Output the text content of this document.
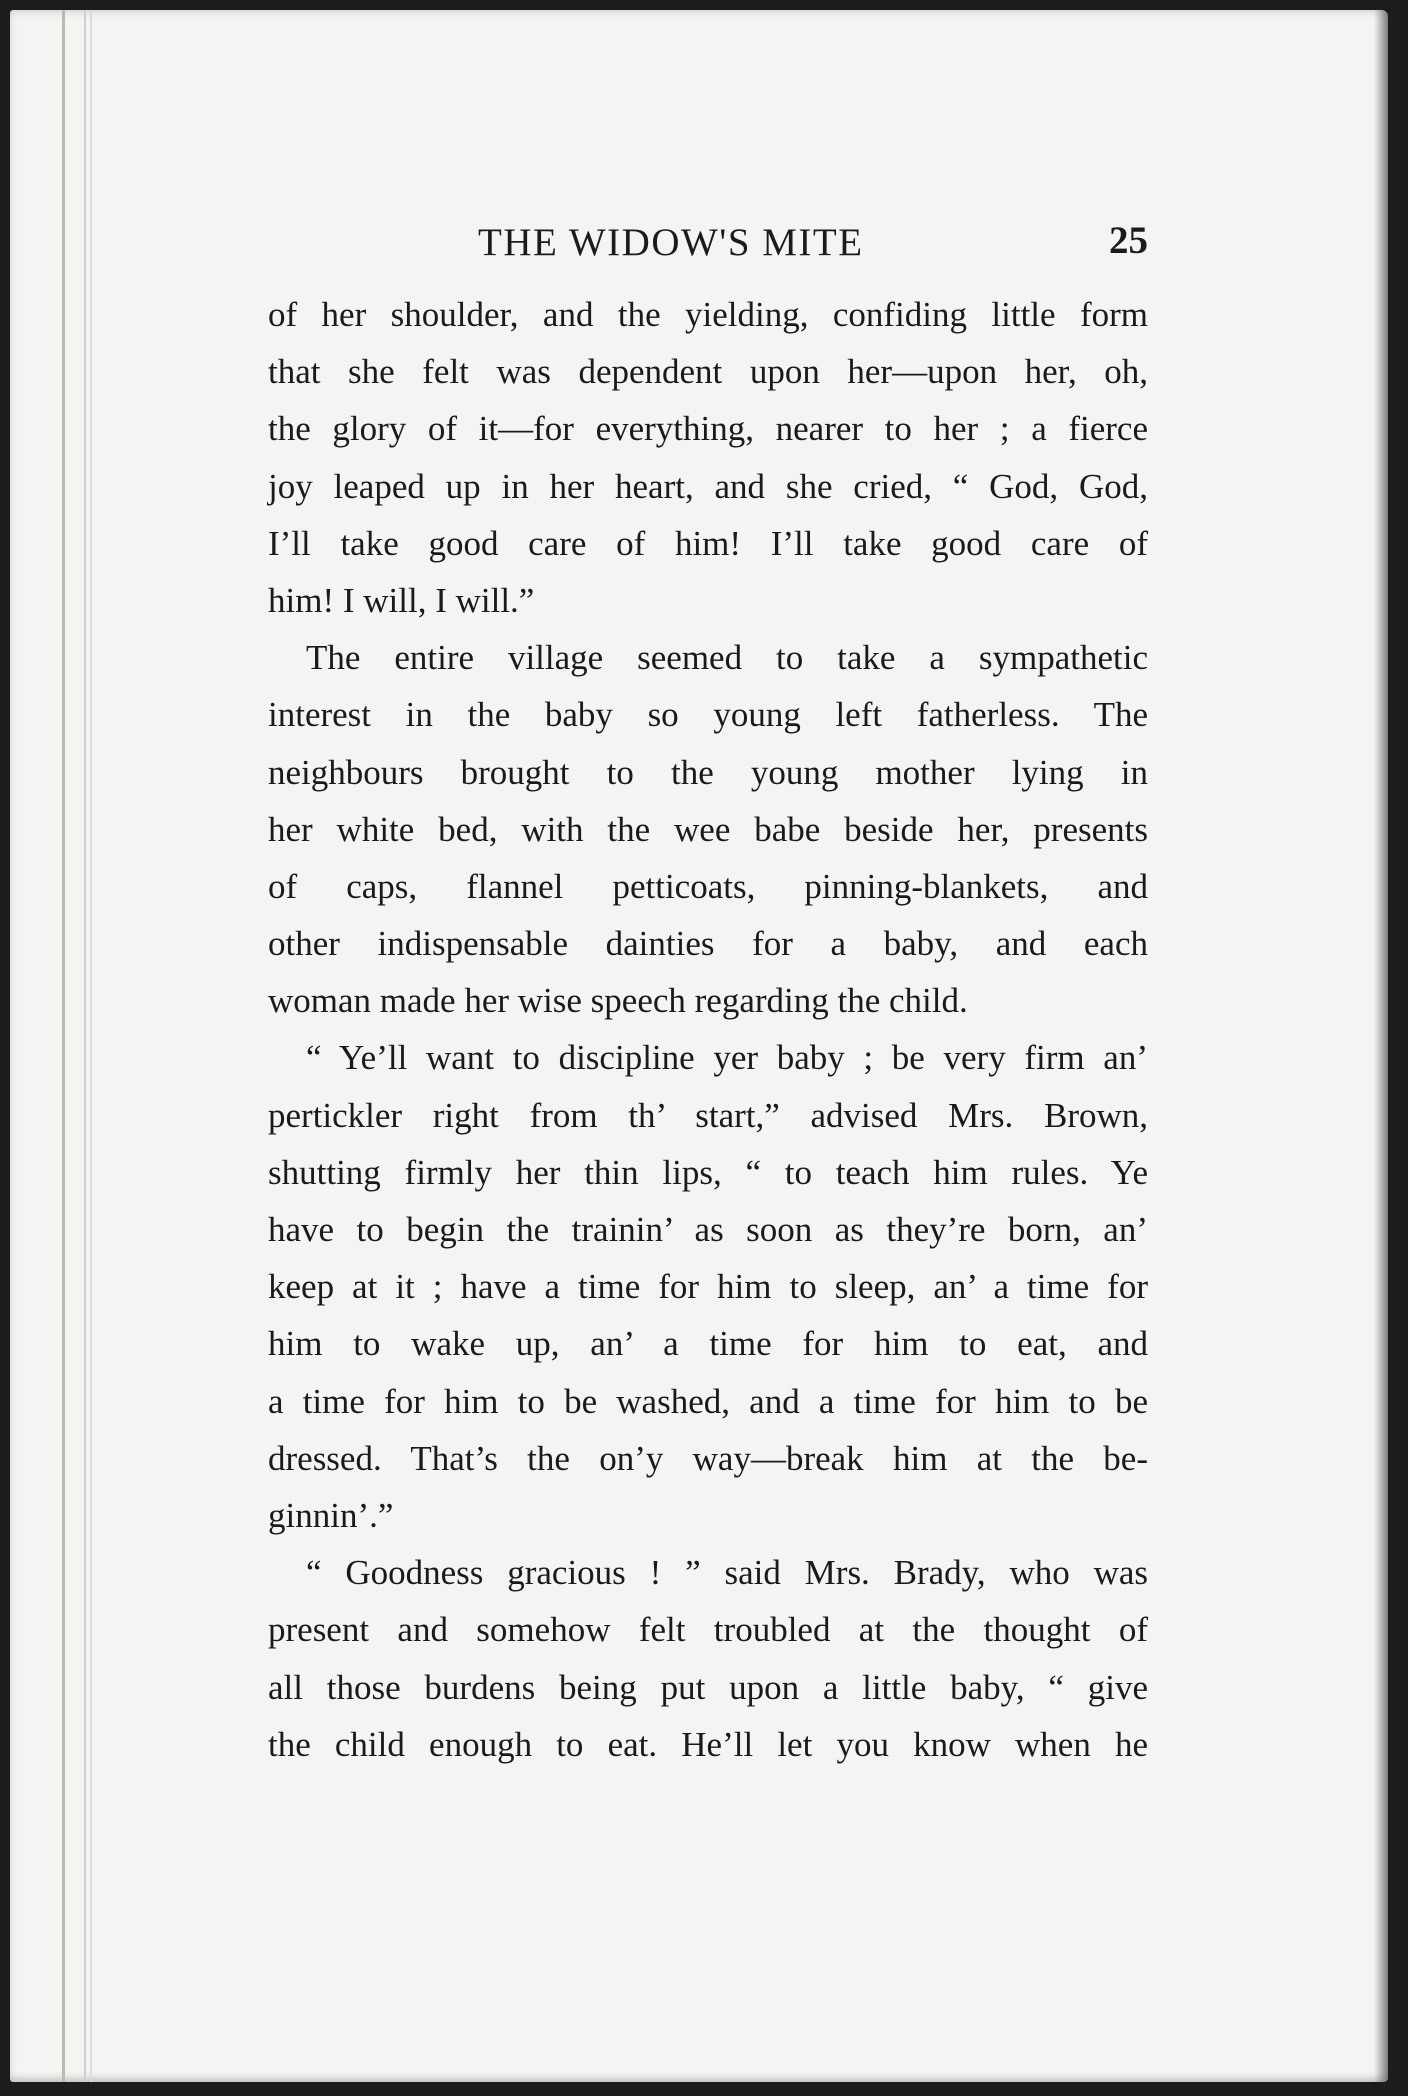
THE WIDOW'S MITE	25
of her shoulder, and the yielding, confiding little form
that she felt was dependent upon her—upon her, oh,
the glory of it—for everything, nearer to her ; a fierce
joy leaped up in her heart, and she cried, “ God, God,
I’ll take good care of him! I’ll take good care of
him! I will, I will.”
The entire village seemed to take a sympathetic
interest in the baby so young left fatherless. The
neighbours brought to the young mother lying in
her white bed, with the wee babe beside her, presents
of caps, flannel petticoats, pinning-blankets, and
other indispensable dainties for a baby, and each
woman made her wise speech regarding the child.
“ Ye’ll want to discipline yer baby ; be very firm an’
pertickler right from th’ start,” advised Mrs. Brown,
shutting firmly her thin lips, “ to teach him rules. Ye
have to begin the trainin’ as soon as they’re born, an’
keep at it ; have a time for him to sleep, an’ a time for
him to wake up, an’ a time for him to eat, and
a time for him to be washed, and a time for him to be
dressed. That’s the on’y way—break him at the be-
ginnin’.”
“ Goodness gracious ! ” said Mrs. Brady, who was
present and somehow felt troubled at the thought of
all those burdens being put upon a little baby, “ give
the child enough to eat. He’ll let you know when he
